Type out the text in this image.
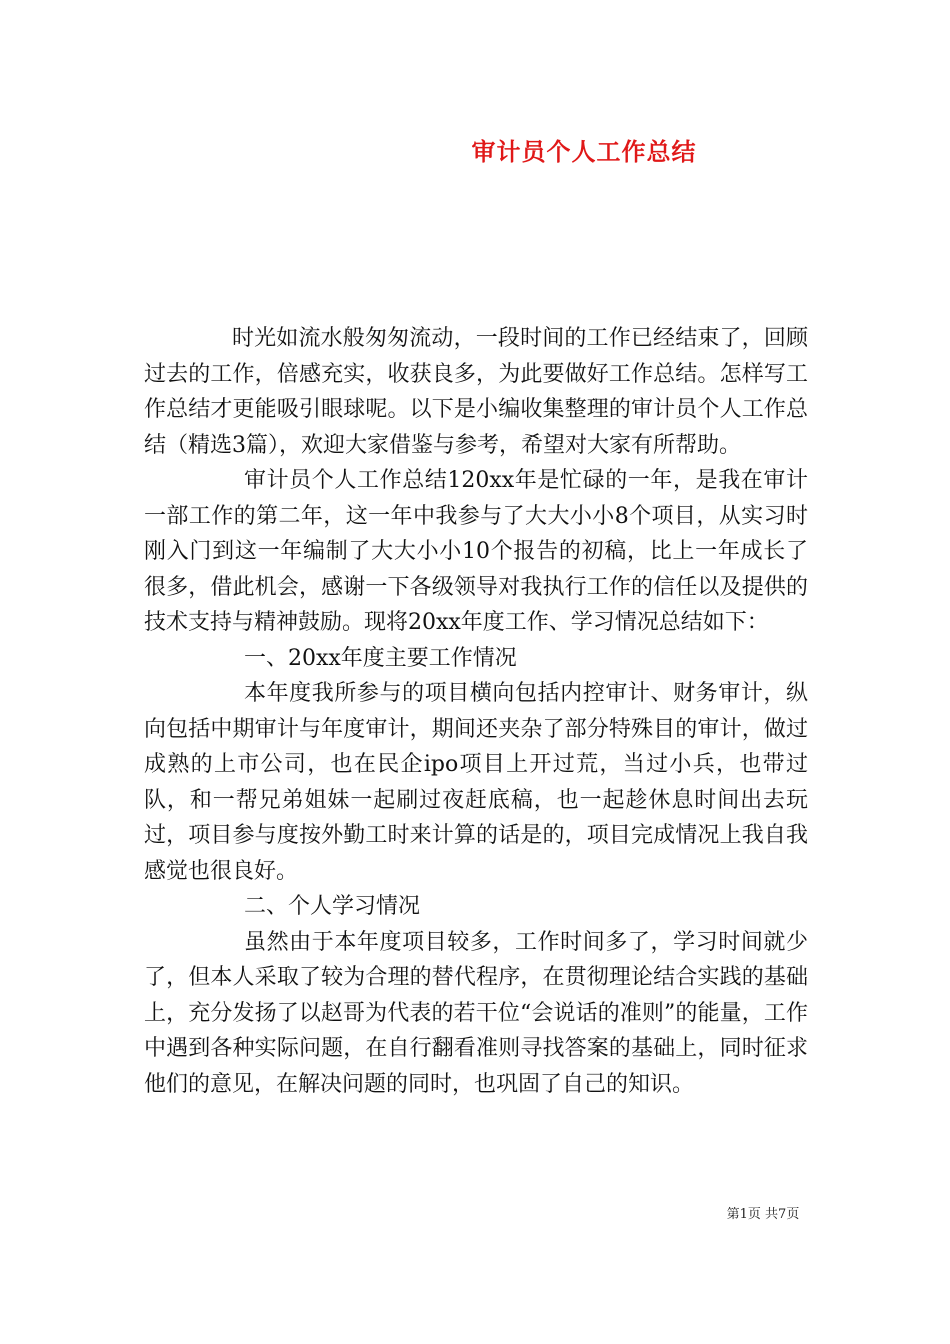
审计员个人工作总结

时光如流水般匆匆流动，一段时间的工作已经结束了，回顾过去的工作，倍感充实，收获良多，为此要做好工作总结。怎样写工作总结才更能吸引眼球呢。以下是小编收集整理的审计员个人工作总结（精选3篇），欢迎大家借鉴与参考，希望对大家有所帮助。

审计员个人工作总结120xx年是忙碌的一年，是我在审计一部工作的第二年，这一年中我参与了大大小小8个项目，从实习时刚入门到这一年编制了大大小小10个报告的初稿，比上一年成长了很多，借此机会，感谢一下各级领导对我执行工作的信任以及提供的技术支持与精神鼓励。现将20xx年度工作、学习情况总结如下：

一、20xx年度主要工作情况

本年度我所参与的项目横向包括内控审计、财务审计，纵向包括中期审计与年度审计，期间还夹杂了部分特殊目的审计，做过成熟的上市公司，也在民企ipo项目上开过荒，当过小兵，也带过队，和一帮兄弟姐妹一起刷过夜赶底稿，也一起趁休息时间出去玩过，项目参与度按外勤工时来计算的话是的，项目完成情况上我自我感觉也很良好。

二、个人学习情况

虽然由于本年度项目较多，工作时间多了，学习时间就少了，但本人采取了较为合理的替代程序，在贯彻理论结合实践的基础上，充分发扬了以赵哥为代表的若干位“会说话的准则”的能量，工作中遇到各种实际问题，在自行翻看准则寻找答案的基础上，同时征求他们的意见，在解决问题的同时，也巩固了自己的知识。

第1页 共7页
